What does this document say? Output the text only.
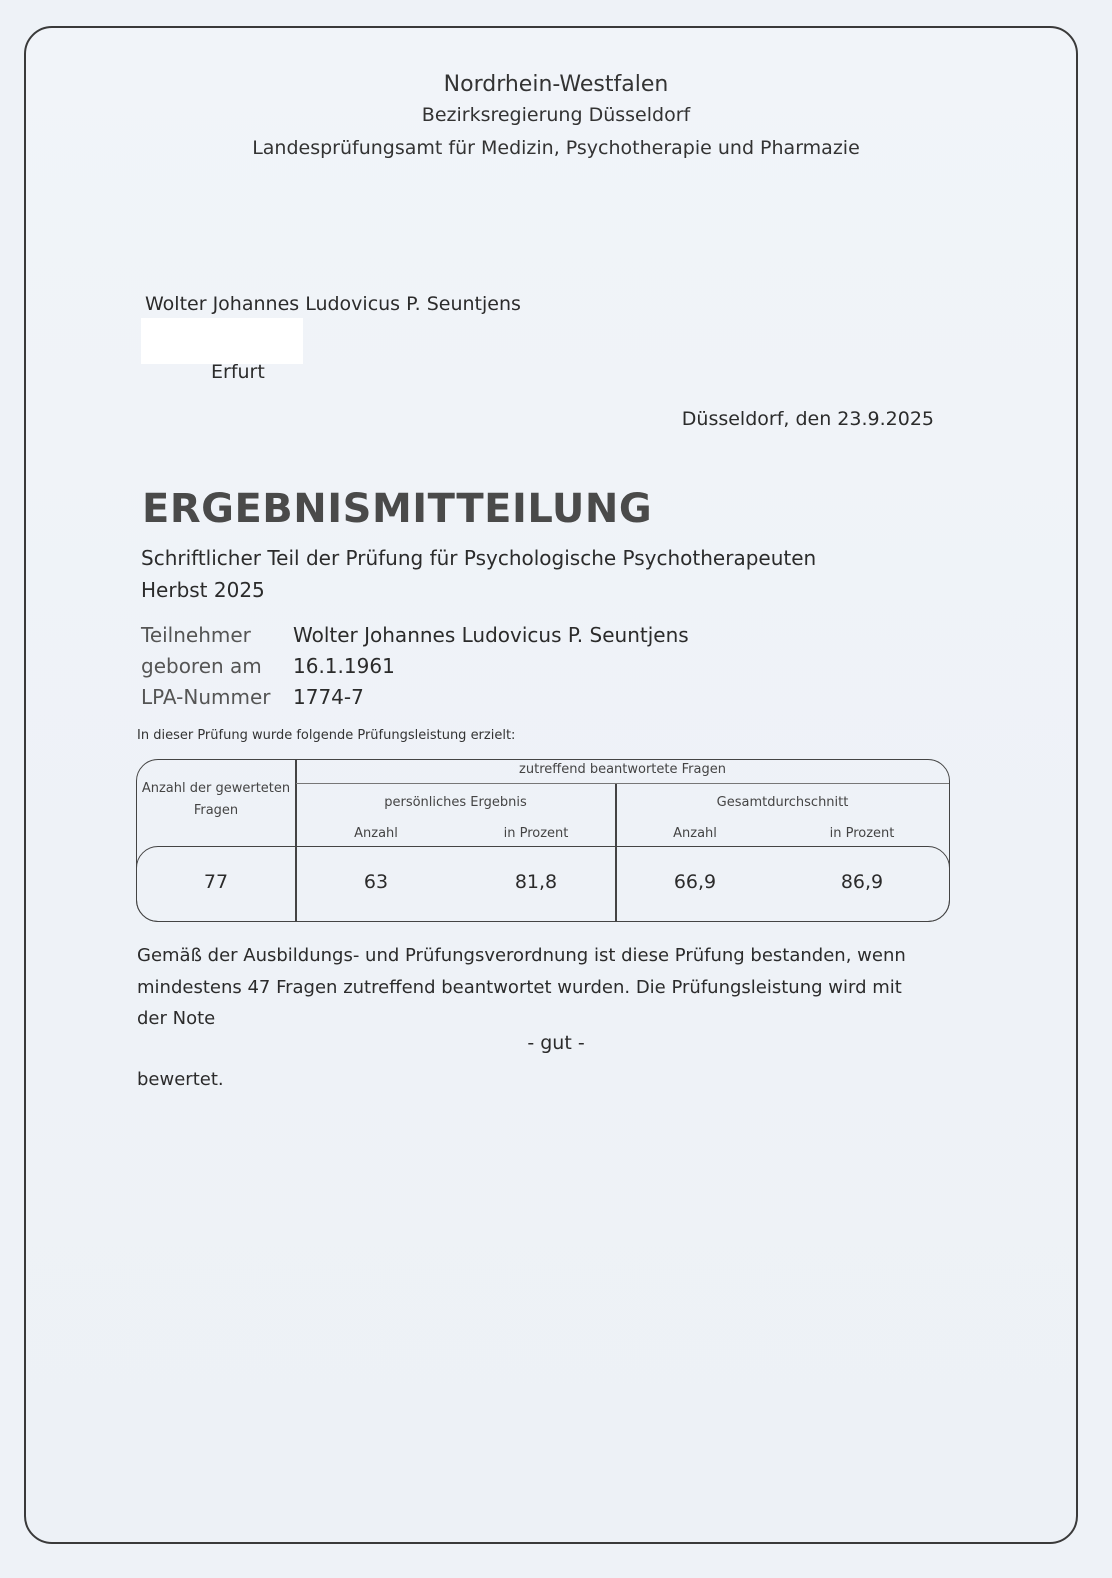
Nordrhein-Westfalen
Bezirksregierung Düsseldorf
Landesprüfungsamt für Medizin, Psychotherapie und Pharmazie
Wolter Johannes Ludovicus P. Seuntjens
Erfurt
Düsseldorf, den 23.9.2025
ERGEBNISMITTEILUNG
Schriftlicher Teil der Prüfung für Psychologische Psychotherapeuten
Herbst 2025
Teilnehmer Wolter Johannes Ludovicus P. Seuntjens
geboren am 16.1.1961
LPA-Nummer 1774-7
In dieser Prüfung wurde folgende Prüfungsleistung erzielt:
Anzahl der gewerteten
Fragen
zutreffend beantwortete Fragen
persönliches Ergebnis	Gesamtdurchschnitt
Anzahl	in Prozent	Anzahl	in Prozent
77	63	81,8	66,9	86,9
Gemäß der Ausbildungs- und Prüfungsverordnung ist diese Prüfung bestanden, wenn
mindestens 47 Fragen zutreffend beantwortet wurden. Die Prüfungsleistung wird mit
der Note
- gut -
bewertet.
